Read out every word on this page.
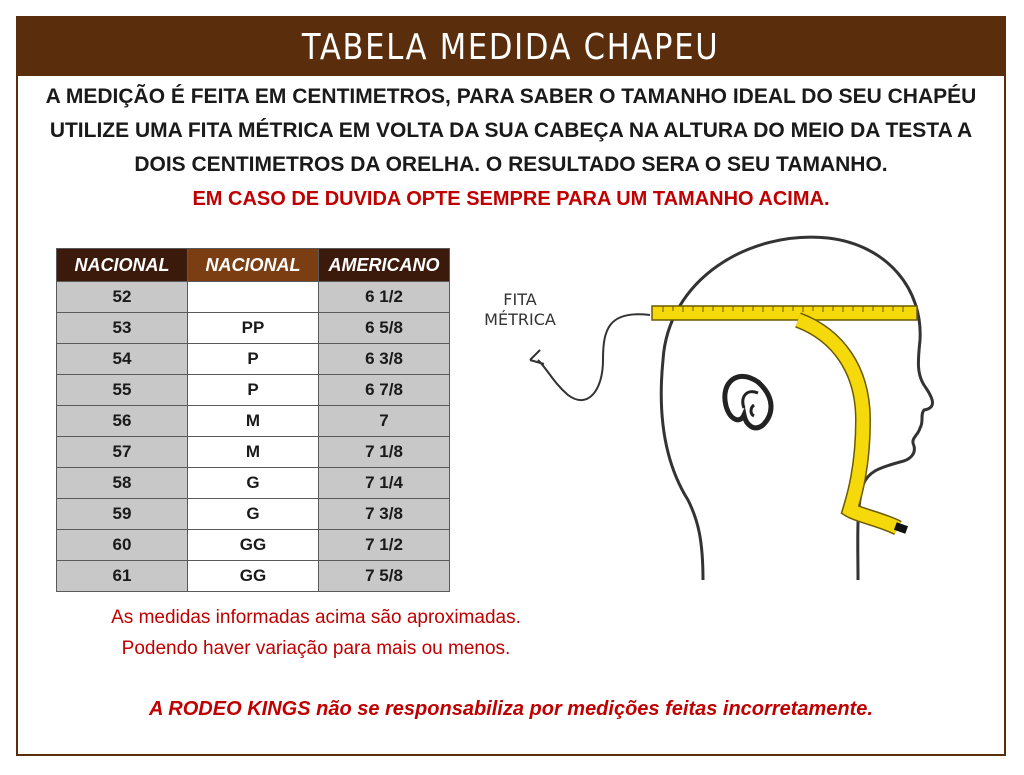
TABELA MEDIDA CHAPEU

A MEDIÇÃO É FEITA EM CENTIMETROS, PARA SABER O TAMANHO IDEAL DO SEU CHAPÉU

UTILIZE UMA FITA MÉTRICA EM VOLTA DA SUA CABEÇA NA ALTURA DO MEIO DA TESTA A

DOIS CENTIMETROS DA ORELHA. O RESULTADO SERA O SEU TAMANHO.

EM CASO DE DUVIDA OPTE SEMPRE PARA UM TAMANHO ACIMA.

NACIONAL	NACIONAL	AMERICANO
52		6 1/2
53	PP	6 5/8
54	P	6 3/8
55	P	6 7/8
56	M	7
57	M	7 1/8
58	G	7 1/4
59	G	7 3/8
60	GG	7 1/2
61	GG	7 5/8

As medidas informadas acima são aproximadas.

Podendo haver variação para mais ou menos.

A RODEO KINGS não se responsabiliza por medições feitas incorretamente.
FITA
MÉTRICA
